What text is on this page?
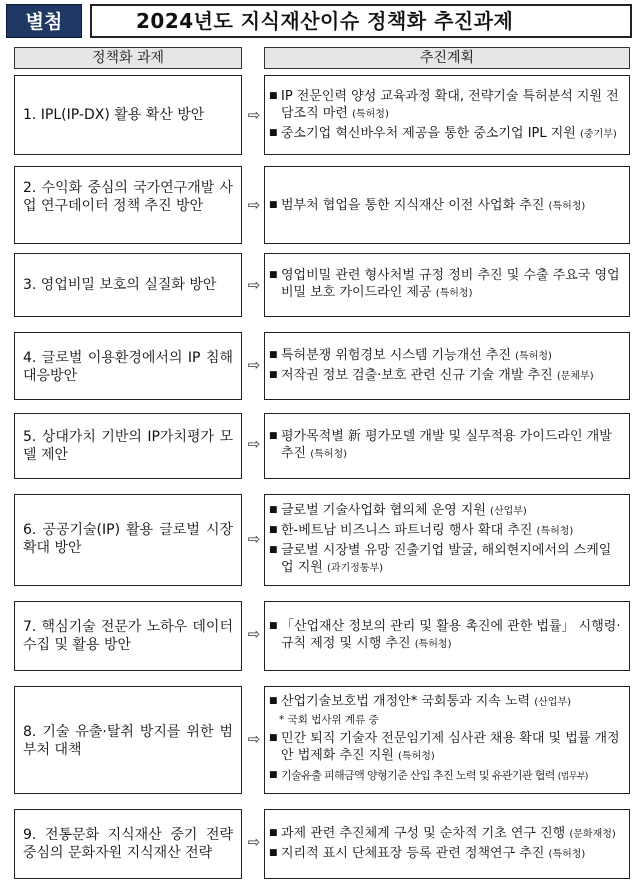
별첨	2024년도 지식재산이슈 정책화 추진과제
정책화 과제	추진계획
1. IPL(IP-DX) 활용 확산 방안	⇨
■ IP 전문인력 양성 교육과정 확대, 전략기술 특허분석 지원 전담조직 마련 (특허청)
■ 중소기업 혁신바우처 제공을 통한 중소기업 IPL 지원 (중기부)
2. 수익화 중심의 국가연구개발 사업 연구데이터 정책 추진 방안	⇨ ■ 범부처 협업을 통한 지식재산 이전 사업화 추진 (특허청)
3. 영업비밀 보호의 실질화 방안	⇨
■ 영업비밀 관련 형사처벌 규정 정비 추진 및 수출 주요국 영업비밀 보호 가이드라인 제공 (특허청)
4. 글로벌 이용환경에서의 IP 침해 대응방안
⇨
■ 특허분쟁 위험경보 시스템 기능개선 추진 (특허청)
■ 저작권 정보 검출·보호 관련 신규 기술 개발 추진 (문체부)
5. 상대가치 기반의 IP가치평가 모델 제안
⇨ ■ 평가목적별 新 평가모델 개발 및 실무적용 가이드라인 개발 추진 (특허청)
6. 공공기술(IP) 활용 글로벌 시장 확대 방안	⇨
■ 글로벌 기술사업화 협의체 운영 지원 (산업부)
■ 한-베트남 비즈니스 파트너링 행사 확대 추진 (특허청)
■ 글로벌 시장별 유망 진출기업 발굴, 해외현지에서의 스케일업 지원 (과기정통부)
7. 핵심기술 전문가 노하우 데이터 수집 및 활용 방안
⇨ ■ 「산업재산 정보의 관리 및 활용 촉진에 관한 법률」 시행령·규칙 제정 및 시행 추진 (특허청)
8. 기술 유출·탈취 방지를 위한 범부처 대책
⇨
■ 산업기술보호법 개정안* 국회통과 지속 노력 (산업부)
* 국회 법사위 계류 중
■ 민간 퇴직 기술자 전문임기제 심사관 채용 확대 및 법률 개정안 법제화 추진 지원 (특허청)
■ 기술유출 피해금액 양형기준 산입 추진 노력 및 유관기관 협력 (법무부)
9. 전통문화 지식재산 중기 전략 중심의 문화자원 지식재산 전략
⇨ ■ 과제 관련 추진체계 구성 및 순차적 기초 연구 진행 (문화재청)
■ 지리적 표시 단체표장 등록 관련 정책연구 추진 (특허청)
